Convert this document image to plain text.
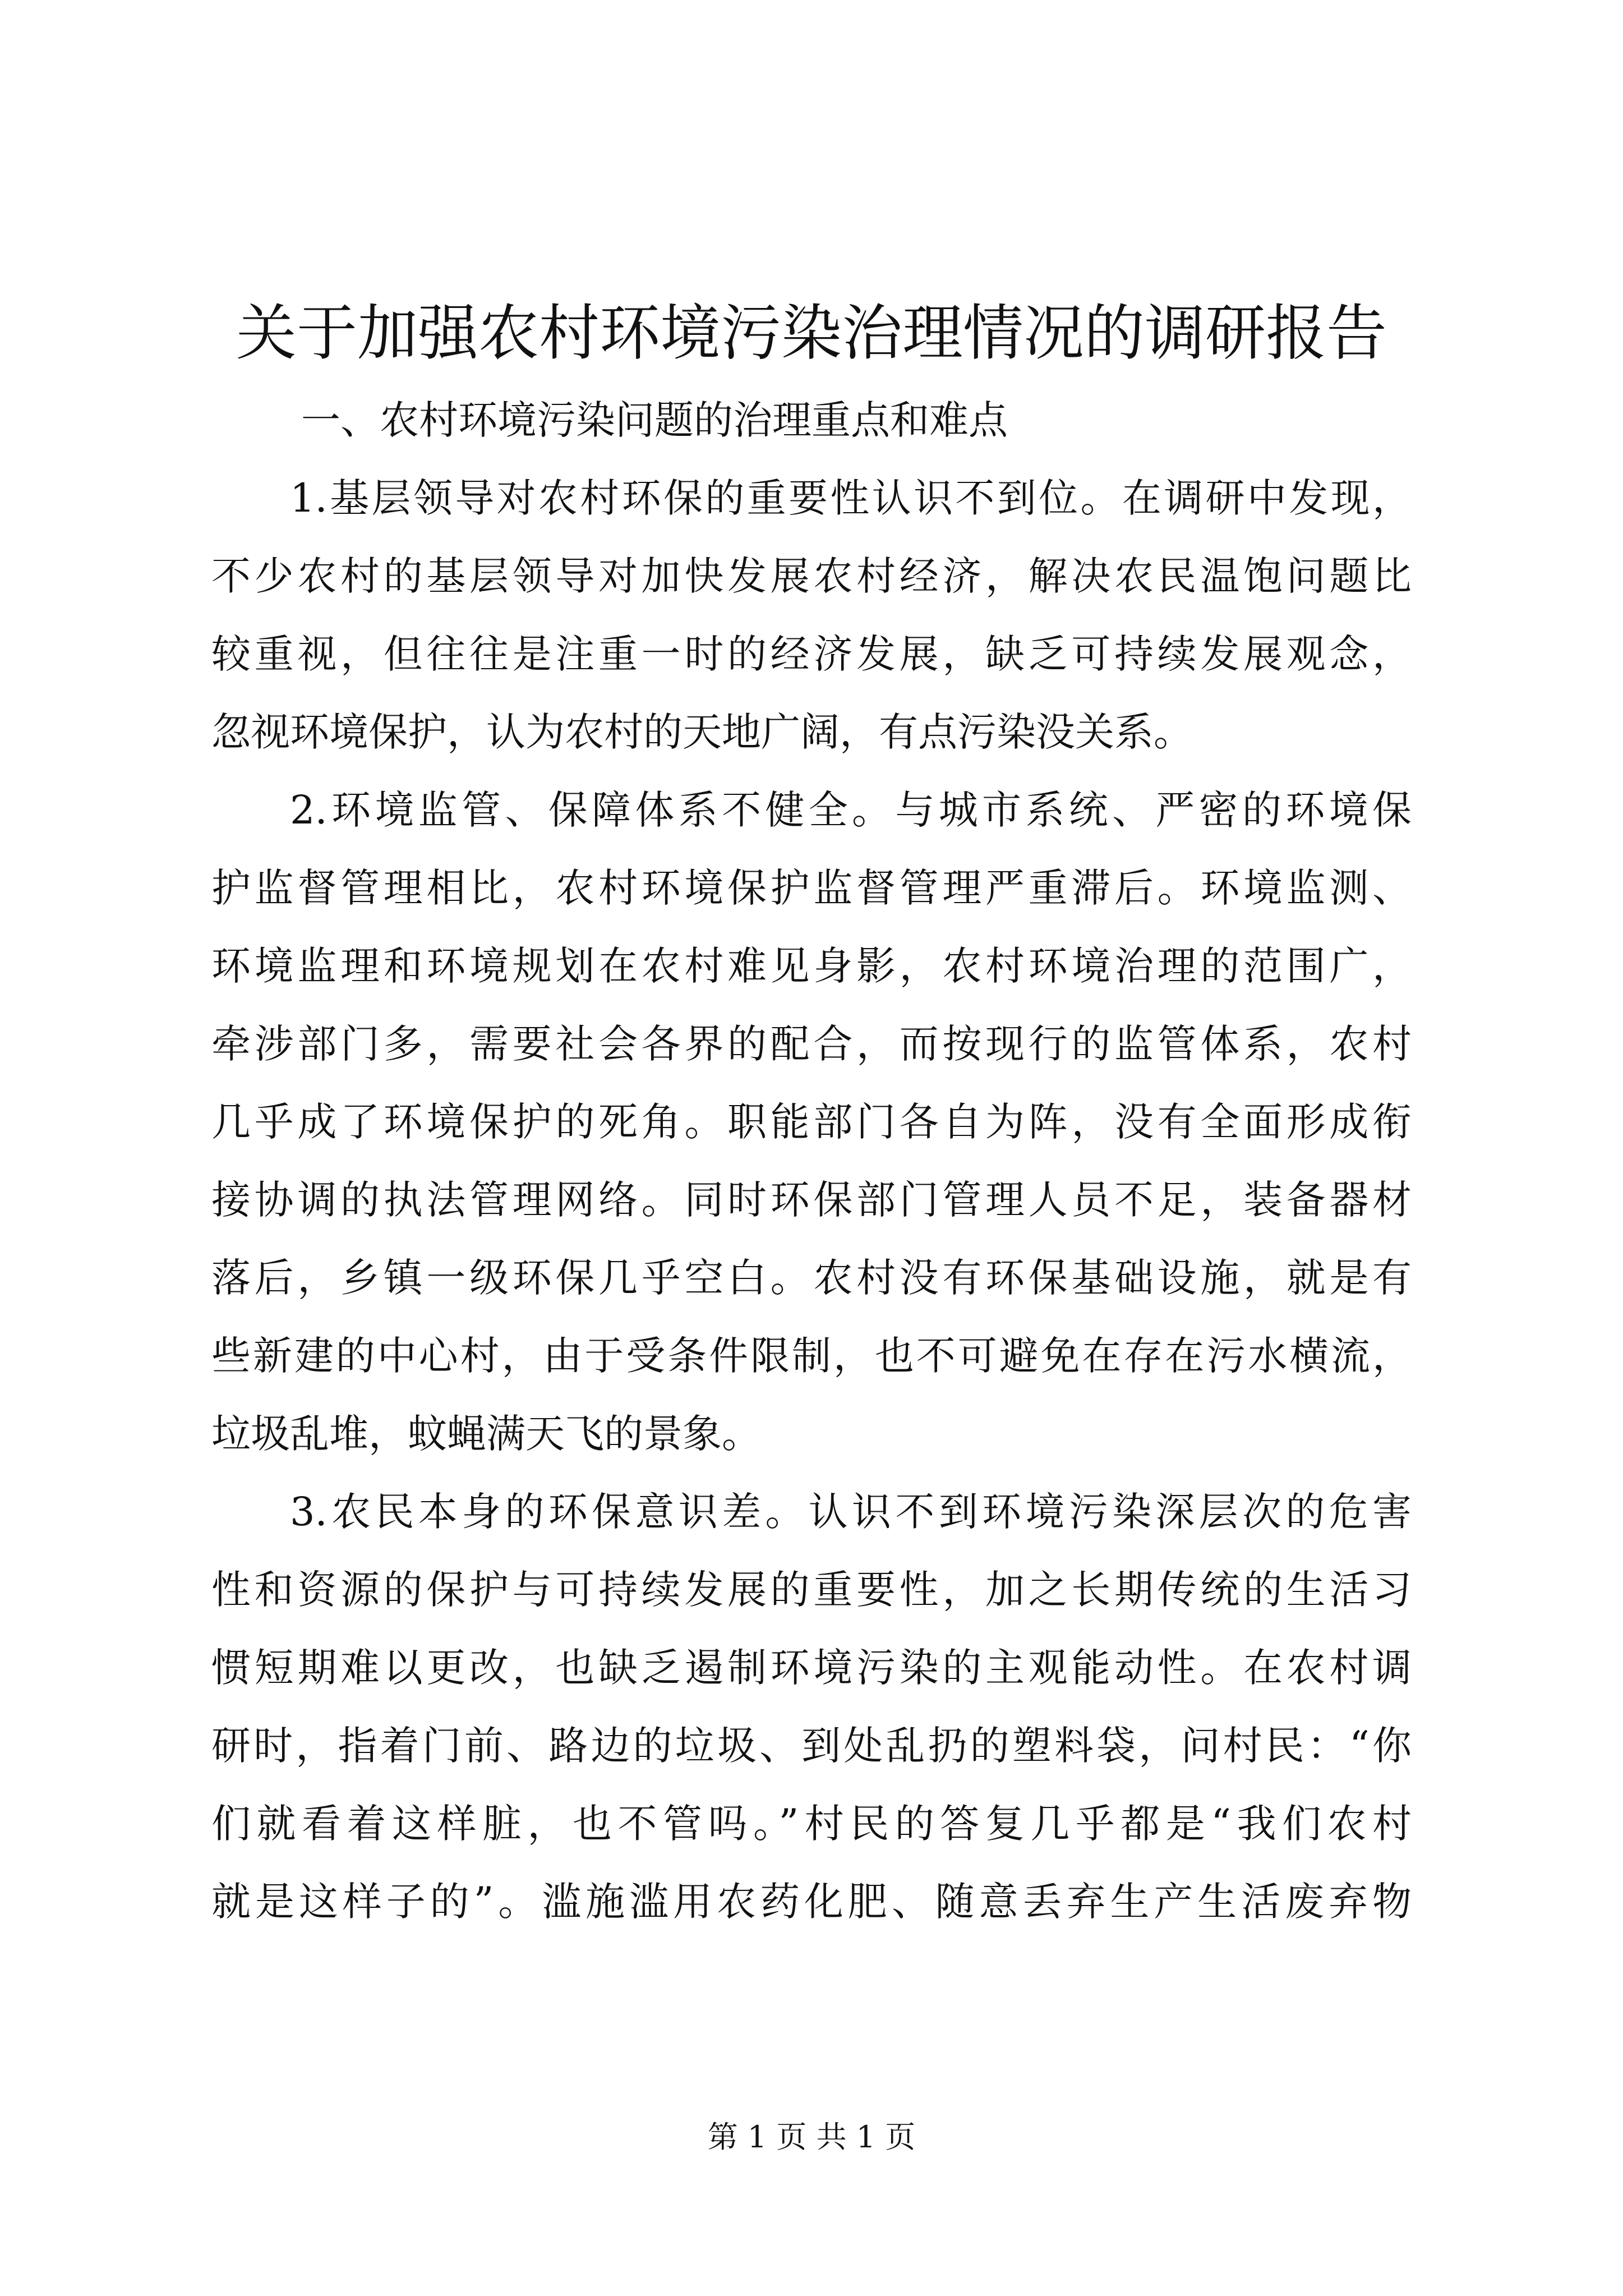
关于加强农村环境污染治理情况的调研报告
一、农村环境污染问题的治理重点和难点
1.基层领导对农村环保的重要性认识不到位。在调研中发现，
不少农村的基层领导对加快发展农村经济，解决农民温饱问题比
较重视，但往往是注重一时的经济发展，缺乏可持续发展观念，
忽视环境保护，认为农村的天地广阔，有点污染没关系。
2.环境监管、保障体系不健全。与城市系统、严密的环境保
护监督管理相比，农村环境保护监督管理严重滞后。环境监测、
环境监理和环境规划在农村难见身影，农村环境治理的范围广，
牵涉部门多，需要社会各界的配合，而按现行的监管体系，农村
几乎成了环境保护的死角。职能部门各自为阵，没有全面形成衔
接协调的执法管理网络。同时环保部门管理人员不足，装备器材
落后，乡镇一级环保几乎空白。农村没有环保基础设施，就是有
些新建的中心村，由于受条件限制，也不可避免在存在污水横流，
垃圾乱堆，蚊蝇满天飞的景象。
3.农民本身的环保意识差。认识不到环境污染深层次的危害
性和资源的保护与可持续发展的重要性，加之长期传统的生活习
惯短期难以更改，也缺乏遏制环境污染的主观能动性。在农村调
研时，指着门前、路边的垃圾、到处乱扔的塑料袋，问村民：“你
们就看着这样脏，也不管吗。”村民的答复几乎都是“我们农村
就是这样子的”。滥施滥用农药化肥、随意丢弃生产生活废弃物
第 1 页 共 1 页
